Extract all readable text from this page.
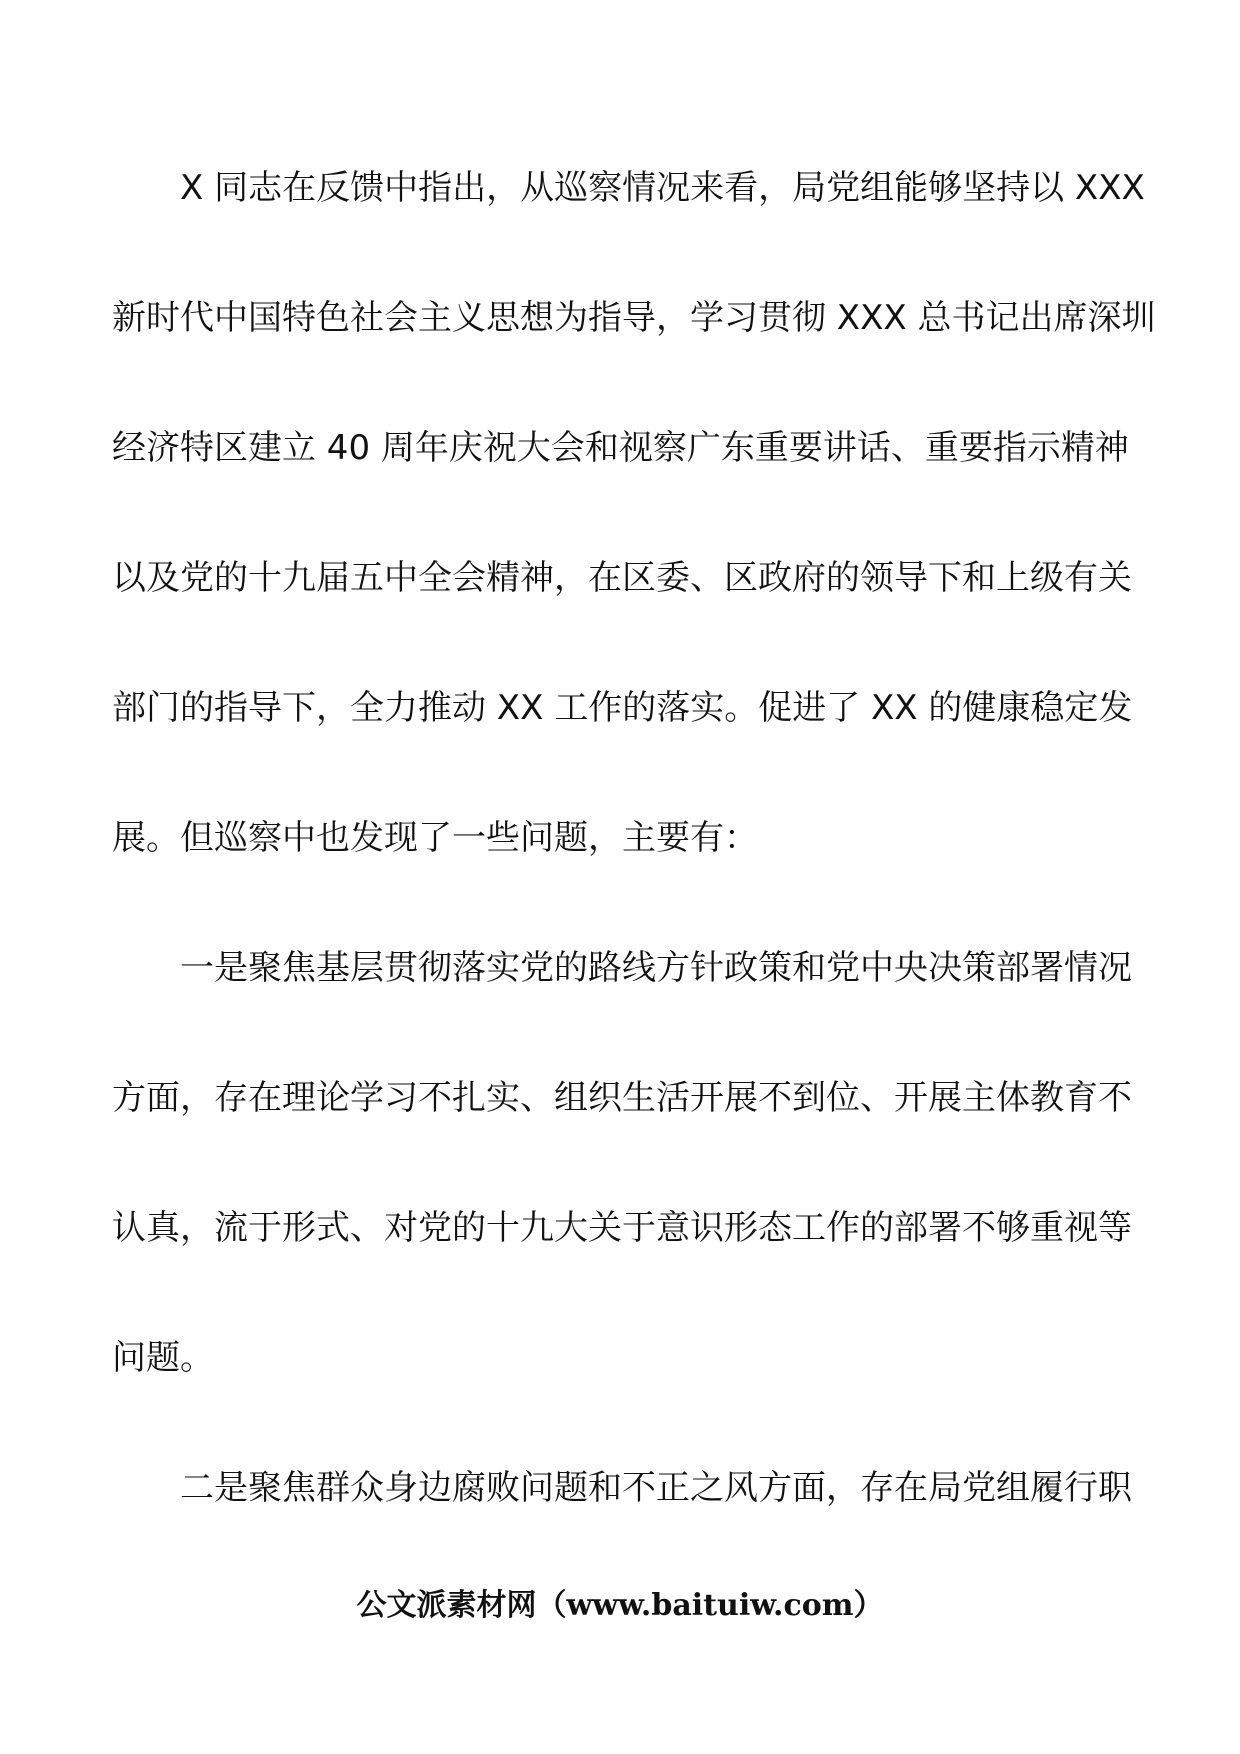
X 同志在反馈中指出，从巡察情况来看，局党组能够坚持以 XXX
新时代中国特色社会主义思想为指导，学习贯彻 XXX 总书记出席深圳
经济特区建立 40 周年庆祝大会和视察广东重要讲话、重要指示精神
以及党的十九届五中全会精神，在区委、区政府的领导下和上级有关
部门的指导下，全力推动 XX 工作的落实。促进了 XX 的健康稳定发
展。但巡察中也发现了一些问题，主要有：
一是聚焦基层贯彻落实党的路线方针政策和党中央决策部署情况
方面，存在理论学习不扎实、组织生活开展不到位、开展主体教育不
认真，流于形式、对党的十九大关于意识形态工作的部署不够重视等
问题。
二是聚焦群众身边腐败问题和不正之风方面，存在局党组履行职
公文派素材网（www.baituiw.com）
